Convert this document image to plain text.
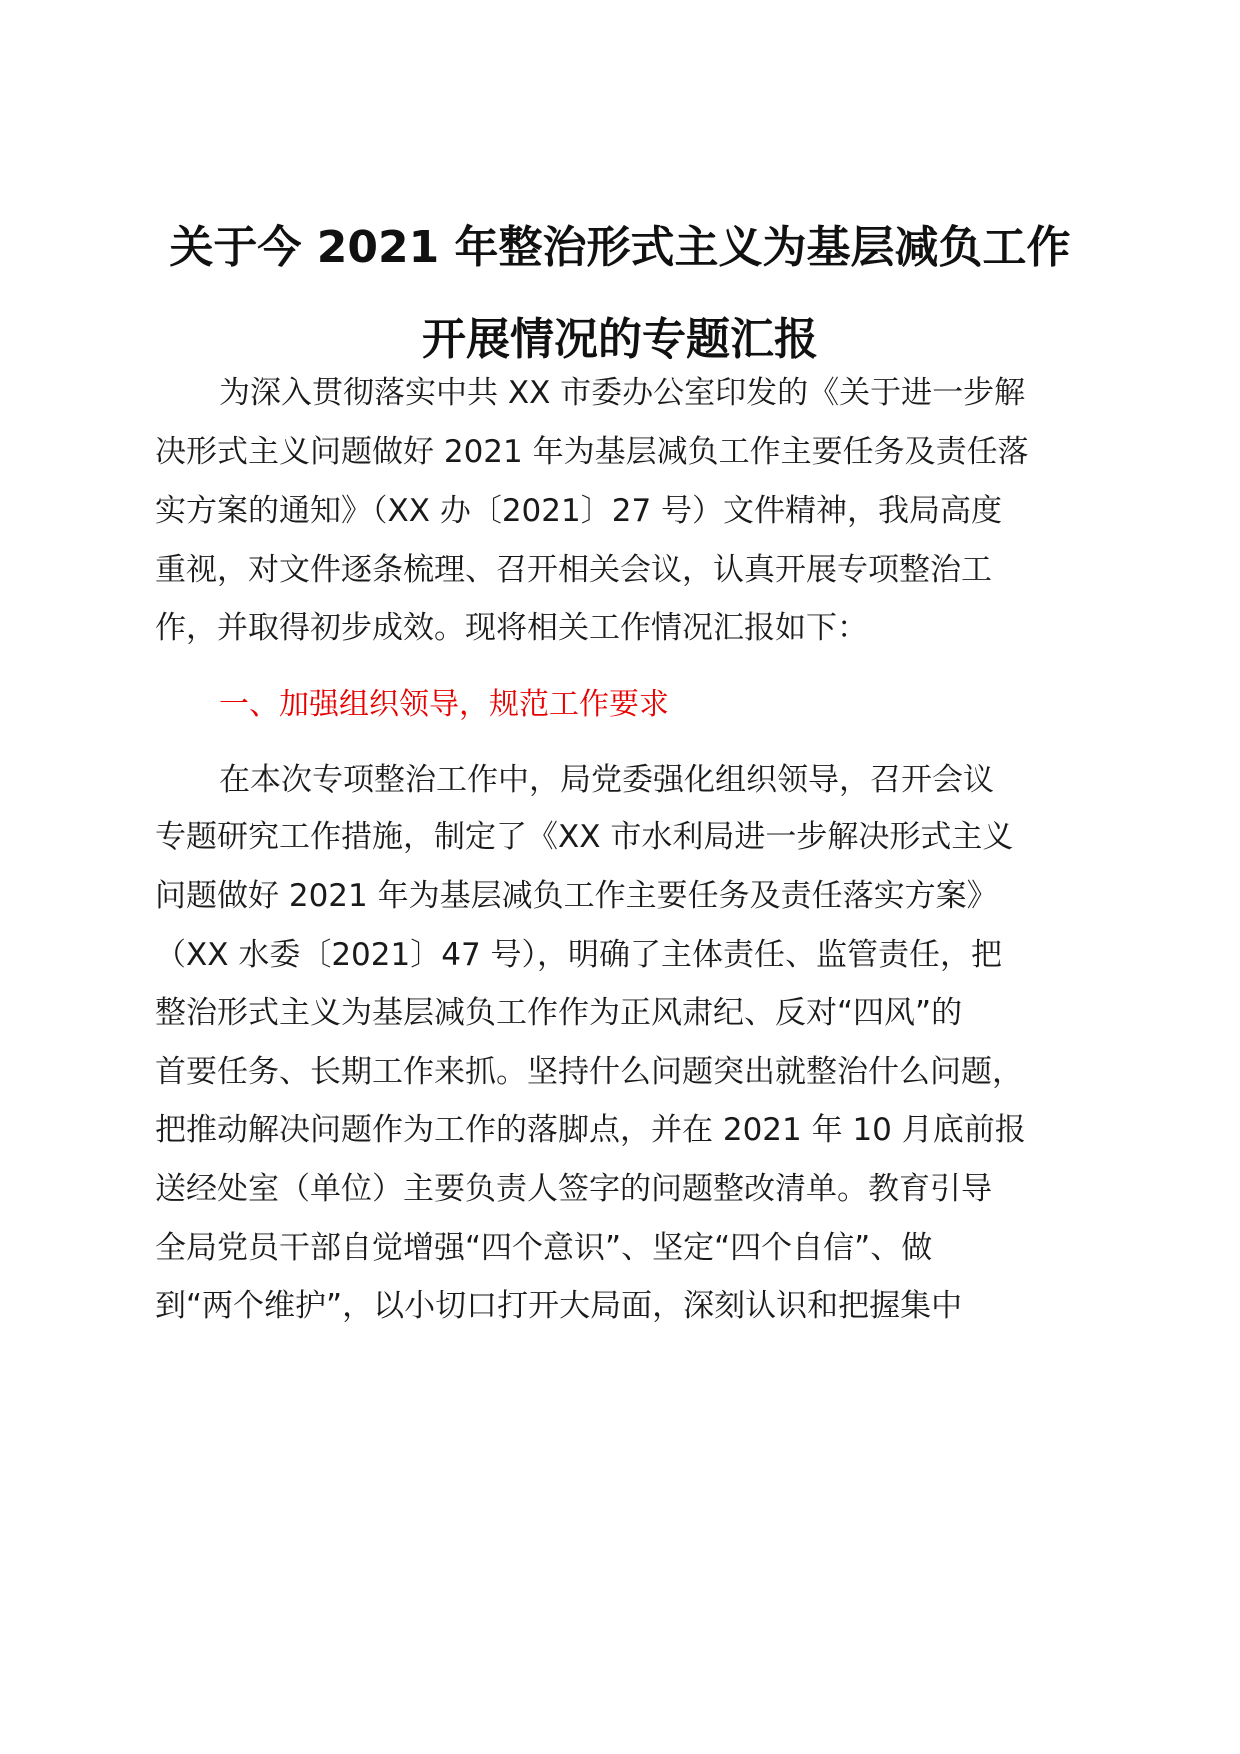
关于今 2021 年整治形式主义为基层减负工作
开展情况的专题汇报
为深入贯彻落实中共 XX 市委办公室印发的《关于进一步解
决形式主义问题做好 2021 年为基层减负工作主要任务及责任落
实方案的通知》（XX 办〔2021〕27 号）文件精神，我局高度
重视，对文件逐条梳理、召开相关会议，认真开展专项整治工
作，并取得初步成效。现将相关工作情况汇报如下：
一、加强组织领导，规范工作要求
在本次专项整治工作中，局党委强化组织领导，召开会议
专题研究工作措施，制定了《XX 市水利局进一步解决形式主义
问题做好 2021 年为基层减负工作主要任务及责任落实方案》
（XX 水委〔2021〕47 号），明确了主体责任、监管责任，把
整治形式主义为基层减负工作作为正风肃纪、反对“四风”的
首要任务、长期工作来抓。坚持什么问题突出就整治什么问题，
把推动解决问题作为工作的落脚点，并在 2021 年 10 月底前报
送经处室（单位）主要负责人签字的问题整改清单。教育引导
全局党员干部自觉增强“四个意识”、坚定“四个自信”、做
到“两个维护”，以小切口打开大局面，深刻认识和把握集中
